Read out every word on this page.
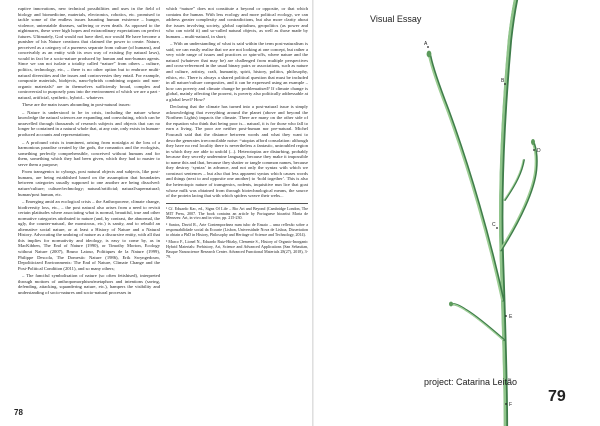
ruptive innovations, new technical possibilities and uses in the field of biology and biomedicine, materials, electronics, robotics, etc. promised to tackle some of the endless issues haunting human existence – hunger, violence, untreatable diseases, suffering or even death. As opposed to the nightmares, these were high hopes and extraordinary expectations on perfect futures. Ultimately, God would not have died, nor would He have become a punisher of his Nature creations that claimed the power to create. Nature, perceived as a category of a pureness separate from culture (of humans), and conceivably as an entity with its own way of existing (by natural laws), would in fact be a socio-nature produced by human and non-human agents. Since we can not isolate a totality called “nature” from others – culture, politics, technology, etc., – there is no other option but to embrace multi-natural diversities and the issues and controversies they entail. For example, composite materials, biobjects, nano-hybrids combining organic and non-organic materials? are in themselves sufficiently broad, complex and controversial to purposely pass into the environment of which we are a part - natural, artificial, synthetic, hybrid... whatever.

These are the main issues abounding in post-natural issues:

– Nature is understood to be in crisis, including the nature whose knowledge the natural sciences are expanding and convoluting, which can be unravelled through thousands of research subjects and objects that can no longer be contained in a natural whole that, at any rate, only exists in human-produced accounts and representations;

– A profound crisis is imminent, arising from nostalgia at the loss of a harmonious paradise created by the gods, the romantics and the ecologists, something perfectly comprehensible, conceived without humans and for them, something which they had been given, which they had to master to serve them a purpose;

From transgenics to cyborgs, post natural objects and subjects, like post-humans, are being established based on the assumption that boundaries between categories usually supposed to one another are being dissolved: nature/culture; culture/technology; natural/artificial; natural/supernatural; human/post human, etc.

– Emerging amid an ecological crisis – the Anthropocene, climate change, biodiversity loss, etc., – the post natural also arises from a need to revisit certain platitudes where associating what is normal, beautiful, true and other normative categories attributed to nature (and, by contrast, the abnormal, the ugly, the counter-natural, the monstrous, etc.) is sanity, and to rebuild an alternative social nature, or at least a History of Nature and a Natural History. Advocating the undoing of nature as a discursive entity, with all that this implies for normativity and ideology, is easy to come by, as in MacKibben, The End of Nature (1990), or Timothy Morton, Ecology without Nature (2007), Bruno Latour, Politiques de la Nature (1999), Philippe Descola, The Domestic Nature (1986), Erik Swyngedouw, Depoliticized Environments: The End of Nature, Climate Change and the Post-Political Condition (2011), and so many others;

– The fanciful symbolisation of nature (so often fetishised), interpreted through mottoes of anthropomorphism/metaphors and intentions (saving, defending, attacking, squandering nature, etc.), hampers the visibility and understanding of socio-natures and socio-natural processes in

which “nature” does not constitute a beyond or opposite, or that which contains the human. With less ecology and more political ecology, we can address greater complexity and contradictions, but also more clarity about the issues involving society, global capitalism, geopolitics (as power and who can wield it) and so-called natural objects, as well as those made by humans – multi-natural, in short;

– With an understanding of what is said within the term post-naturalism is said, we can easily realise that we are not looking at one concept, but rather a very wide range of issues and practices or spin-offs, where nature and the natural (whatever that may be) are challenged from multiple perspectives and cross-referenced in the usual binary pairs or associations, such as nature and culture, artistry, craft, humanity, spirit, history, politics, philosophy, ethics, etc. There is always a shared political question that must be included in all nature/culture composites, and it can be expressed using an example – how can poverty and climate change be problematised? If climate change is global, mainly affecting the poorest, is poverty also politically addressable at a global level? How?

Declaring that the climate has turned into a post-natural issue is simply acknowledging that everything around the planet (above and beyond the Northern Lights) impacts the climate. There are many on the other side of the equation who think that being poor is... natural, it is for those who fall to earn a living. The poor are neither post-human nor pre-natural. Michel Foucault said that the distance between words and what they want to describe generates irreconcilable noise: “utopias afford consolation: although they have no real locality there is nevertheless a fantastic, untroubled region in which they are able to unfold (...). Heterotopias are disturbing, probably because they secretly undermine language, because they make it impossible to name this and that, because they shatter or tangle common names, because they destroy ‘syntax’ in advance, and not only the syntax with which we construct sentences – but also that less apparent syntax which causes words and things (next to and opposite one another) to ‘hold together’. This is also the heterotopic nature of transgenics, rodents, inquisitive nun lice that goat whose milk was obtained from through biotechnological means, the source of the protein lacing that with which spiders weave their webs...

¹ Cf. Eduardo Kac, ed., Signs Of Life – Bio Art and Beyond (Cambridge London, The MIT Press, 2007. The book contains an article by Portuguese bioartist Marta de Menezes: Art, in vivo and in vitro; pp. 215-230.
² Santos, David R., Arte Contemporânea num tubo de Ensaio – uma reflexão sobre a responsabilidade social da Ecoarte (Lisbon, Universidade Nova de Lisboa, Dissertation to obtain a PhD in History, Philosophy and Heritage of Science and Technology, 2014).
³ Marco F., Lionel N., Eduardo Ruiz-Hitzky, Clemente S., History of Organic-Inorganic Hybrid Materials: Prehistory, Art, Science and Advanced Applications (San Sebastian, Basque Nanoscience Research Center. Advanced Functional Materials 28(27), 2018), 3-79.
78
A
B
C
D
E
F
Visual Essay
project: Catarina Leitão
79
